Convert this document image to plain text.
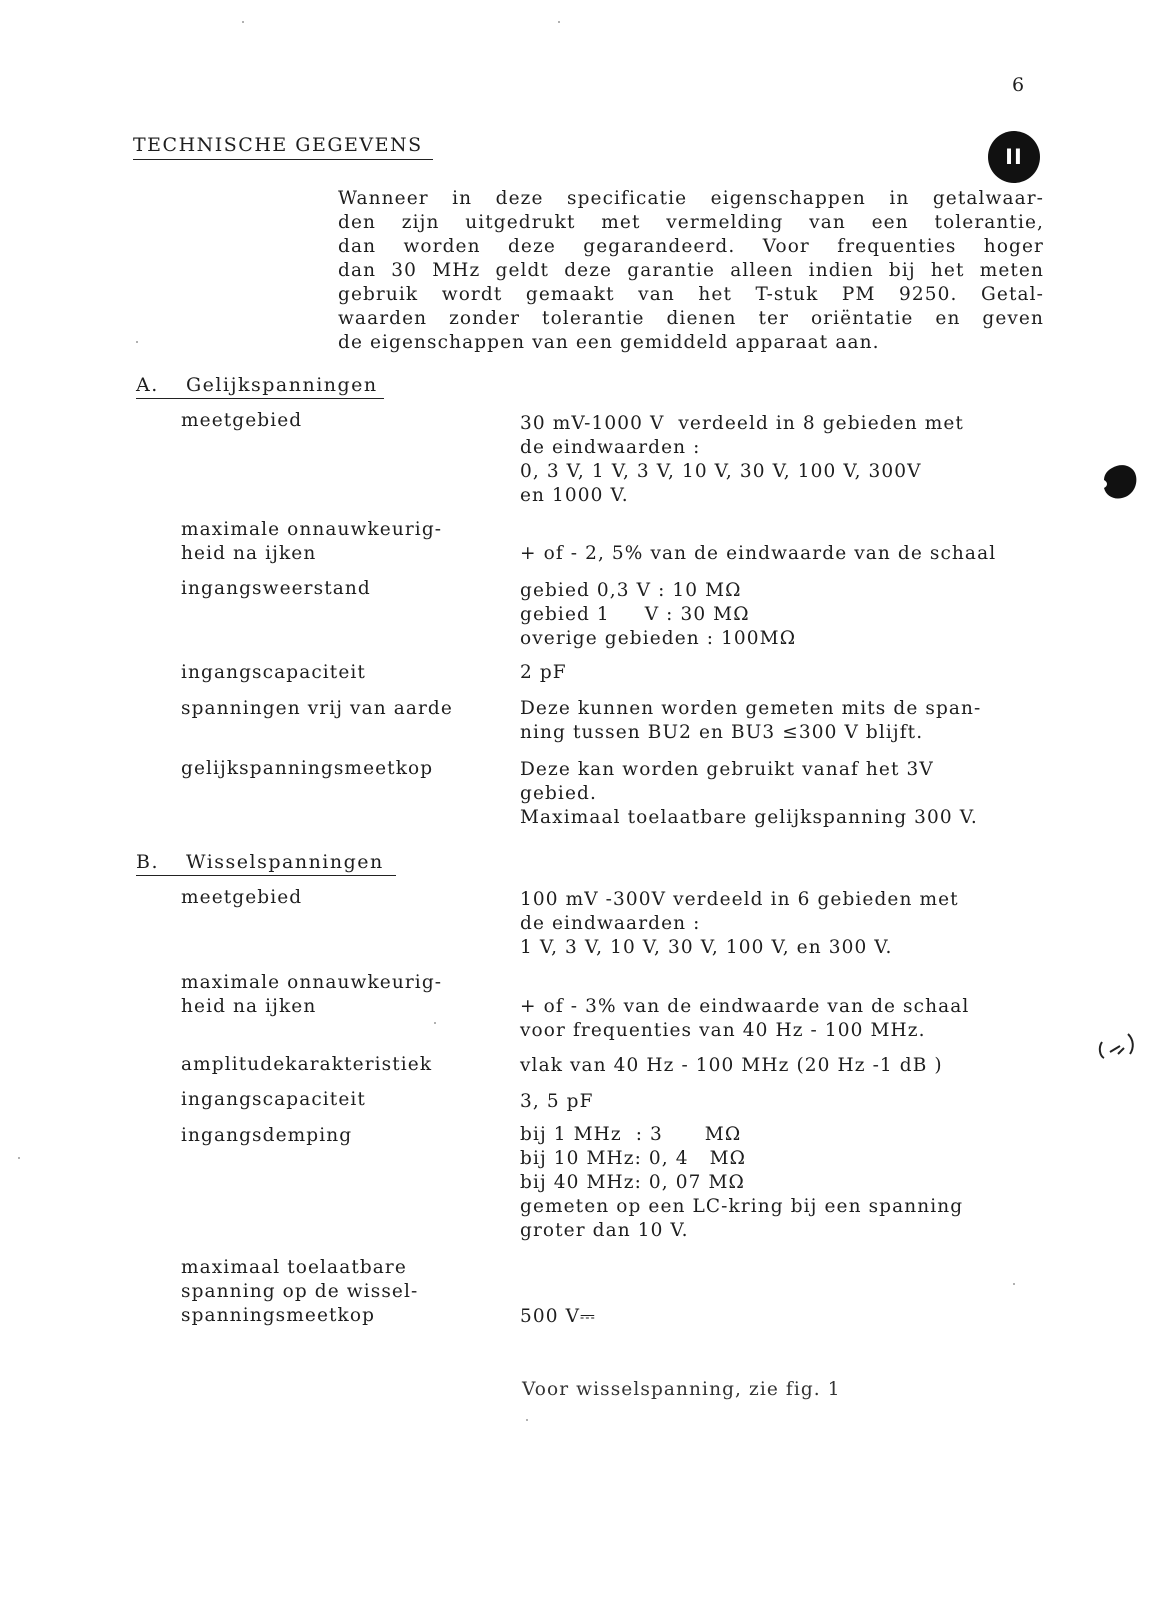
6
TECHNISCHE GEGEVENS	II
Wanneer in deze specificatie eigenschappen in getalwaar-
den zijn uitgedrukt met vermelding van een tolerantie,
dan worden deze gegarandeerd. Voor frequenties hoger
dan 30 MHz geldt deze garantie alleen indien bij het meten
gebruik wordt gemaakt van het T-stuk PM 9250. Getal-
waarden zonder tolerantie dienen ter oriëntatie en geven
de eigenschappen van een gemiddeld apparaat aan.
A. Gelijkspanningen
meetgebied	30 mV-1000 V  verdeeld in 8 gebieden met
de eindwaarden :
0, 3 V, 1 V, 3 V, 10 V, 30 V, 100 V, 300V
en 1000 V.
maximale onnauwkeurig-
heid na ijken	+ of - 2, 5% van de eindwaarde van de schaal
ingangsweerstand	gebied 0,3 V : 10 MΩ
gebied 1     V : 30 MΩ
overige gebieden : 100MΩ
ingangscapaciteit	2 pF
spanningen vrij van aarde	Deze kunnen worden gemeten mits de span-
ning tussen BU2 en BU3 ≤300 V blijft.
gelijkspanningsmeetkop	Deze kan worden gebruikt vanaf het 3V
gebied.
Maximaal toelaatbare gelijkspanning 300 V.
B. Wisselspanningen
meetgebied	100 mV -300V verdeeld in 6 gebieden met
de eindwaarden :
1 V, 3 V, 10 V, 30 V, 100 V, en 300 V.
maximale onnauwkeurig-
heid na ijken	+ of - 3% van de eindwaarde van de schaal
voor frequenties van 40 Hz - 100 MHz.
amplitudekarakteristiek	vlak van 40 Hz - 100 MHz (20 Hz -1 dB )
ingangscapaciteit	3, 5 pF
ingangsdemping	bij 1 MHz  : 3      MΩ
bij 10 MHz: 0, 4   MΩ
bij 40 MHz: 0, 07 MΩ
gemeten op een LC-kring bij een spanning
groter dan 10 V.
maximaal toelaatbare
spanning op de wissel-
spanningsmeetkop	500 V⎓
Voor wisselspanning, zie fig. 1
